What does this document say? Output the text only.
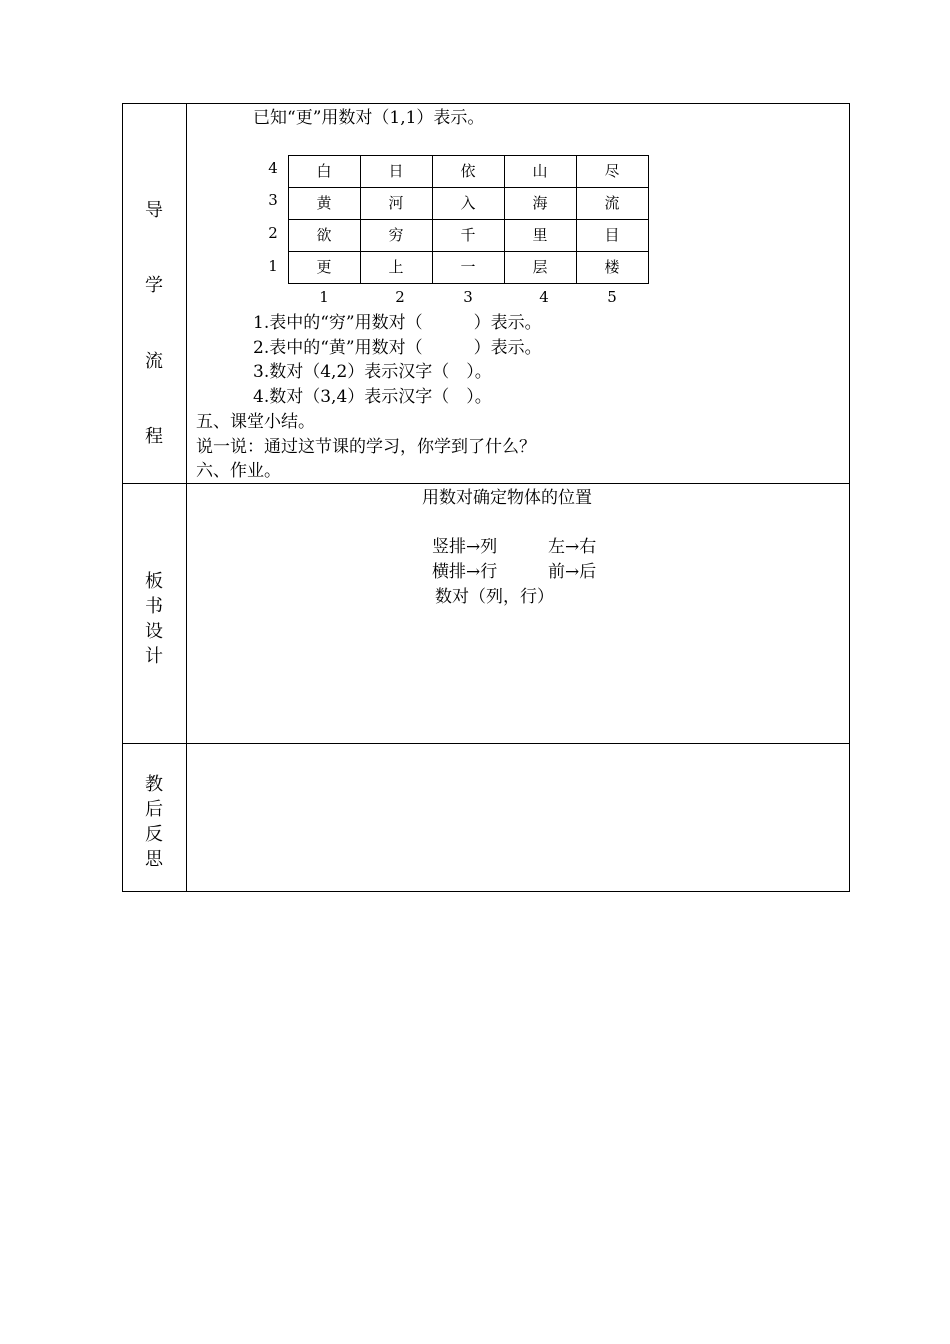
导
学
流
程
已知“更”用数对（1,1）表示。
白	日	依	山	尽
黄	河	入	海	流
欲	穷	千	里	目
更	上	一	层	楼
4
3
2
1
1	2	3	4	5
1.表中的“穷”用数对（　　　）表示。
2.表中的“黄”用数对（　　　）表示。
3.数对（4,2）表示汉字（　）。
4.数对（3,4）表示汉字（　）。
五、课堂小结。
说一说：通过这节课的学习，你学到了什么？
六、作业。
板
书
设
计
用数对确定物体的位置
竖排→列	左→右
横排→行	前→后
数对（列，行）
教
后
反
思
